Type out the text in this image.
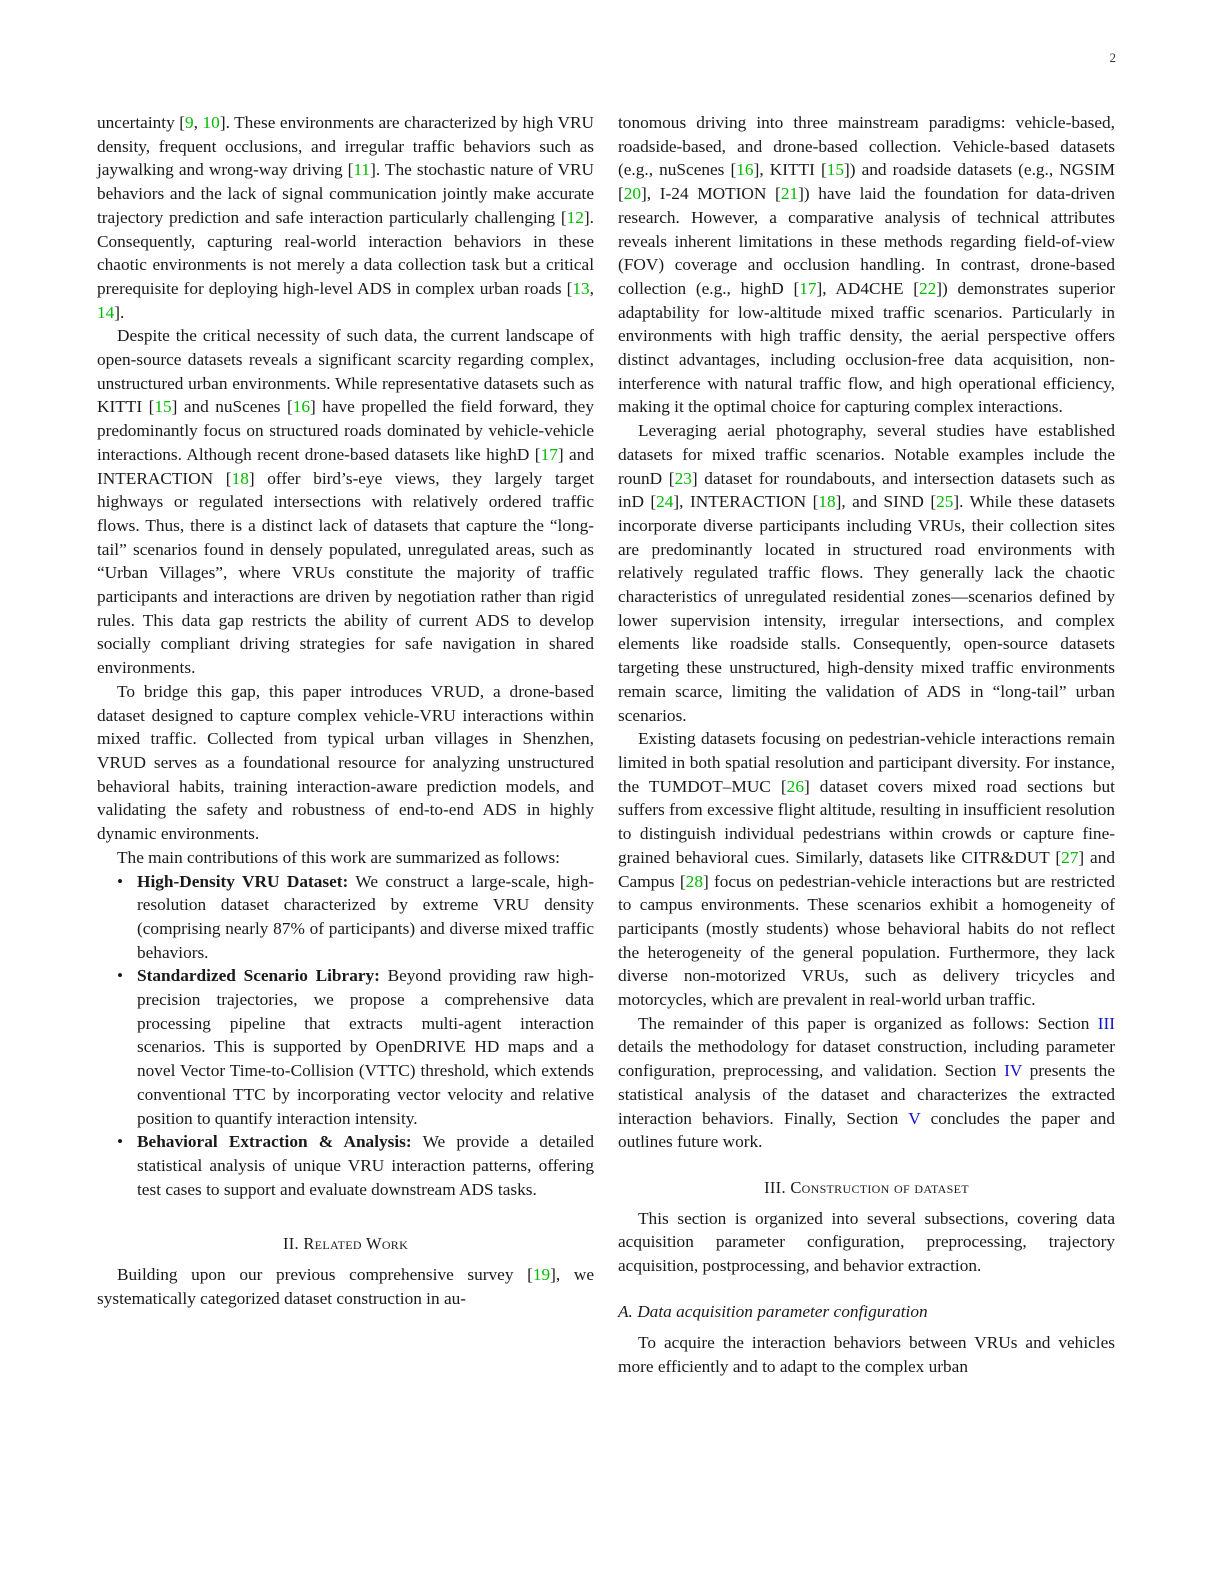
2

uncertainty [9, 10]. These environments are characterized by high VRU density, frequent occlusions, and irregular traffic behaviors such as jaywalking and wrong-way driving [11]. The stochastic nature of VRU behaviors and the lack of signal communication jointly make accurate trajectory prediction and safe interaction particularly challenging [12]. Consequently, capturing real-world interaction behaviors in these chaotic environments is not merely a data collection task but a critical prerequisite for deploying high-level ADS in complex urban roads [13, 14].

Despite the critical necessity of such data, the current landscape of open-source datasets reveals a significant scarcity regarding complex, unstructured urban environments. While representative datasets such as KITTI [15] and nuScenes [16] have propelled the field forward, they predominantly focus on structured roads dominated by vehicle-vehicle interactions. Although recent drone-based datasets like highD [17] and INTERACTION [18] offer bird’s-eye views, they largely target highways or regulated intersections with relatively ordered traffic flows. Thus, there is a distinct lack of datasets that capture the “long-tail” scenarios found in densely populated, unregulated areas, such as “Urban Villages”, where VRUs constitute the majority of traffic participants and interactions are driven by negotiation rather than rigid rules. This data gap restricts the ability of current ADS to develop socially compliant driving strategies for safe navigation in shared environments.

To bridge this gap, this paper introduces VRUD, a drone-based dataset designed to capture complex vehicle-VRU interactions within mixed traffic. Collected from typical urban villages in Shenzhen, VRUD serves as a foundational resource for analyzing unstructured behavioral habits, training interaction-aware prediction models, and validating the safety and robustness of end-to-end ADS in highly dynamic environments.

The main contributions of this work are summarized as follows:

• High-Density VRU Dataset: We construct a large-scale, high-resolution dataset characterized by extreme VRU density (comprising nearly 87% of participants) and diverse mixed traffic behaviors.
• Standardized Scenario Library: Beyond providing raw high-precision trajectories, we propose a comprehensive data processing pipeline that extracts multi-agent interaction scenarios. This is supported by OpenDRIVE HD maps and a novel Vector Time-to-Collision (VTTC) threshold, which extends conventional TTC by incorporating vector velocity and relative position to quantify interaction intensity.
• Behavioral Extraction & Analysis: We provide a detailed statistical analysis of unique VRU interaction patterns, offering test cases to support and evaluate downstream ADS tasks.
II. Related Work

Building upon our previous comprehensive survey [19], we systematically categorized dataset construction in au-

tonomous driving into three mainstream paradigms: vehicle-based, roadside-based, and drone-based collection. Vehicle-based datasets (e.g., nuScenes [16], KITTI [15]) and roadside datasets (e.g., NGSIM [20], I-24 MOTION [21]) have laid the foundation for data-driven research. However, a comparative analysis of technical attributes reveals inherent limitations in these methods regarding field-of-view (FOV) coverage and occlusion handling. In contrast, drone-based collection (e.g., highD [17], AD4CHE [22]) demonstrates superior adaptability for low-altitude mixed traffic scenarios. Particularly in environments with high traffic density, the aerial perspective offers distinct advantages, including occlusion-free data acquisition, non-interference with natural traffic flow, and high operational efficiency, making it the optimal choice for capturing complex interactions.

Leveraging aerial photography, several studies have established datasets for mixed traffic scenarios. Notable examples include the rounD [23] dataset for roundabouts, and intersection datasets such as inD [24], INTERACTION [18], and SIND [25]. While these datasets incorporate diverse participants including VRUs, their collection sites are predominantly located in structured road environments with relatively regulated traffic flows. They generally lack the chaotic characteristics of unregulated residential zones—scenarios defined by lower supervision intensity, irregular intersections, and complex elements like roadside stalls. Consequently, open-source datasets targeting these unstructured, high-density mixed traffic environments remain scarce, limiting the validation of ADS in “long-tail” urban scenarios.

Existing datasets focusing on pedestrian-vehicle interactions remain limited in both spatial resolution and participant diversity. For instance, the TUMDOT–MUC [26] dataset covers mixed road sections but suffers from excessive flight altitude, resulting in insufficient resolution to distinguish individual pedestrians within crowds or capture fine-grained behavioral cues. Similarly, datasets like CITR&DUT [27] and Campus [28] focus on pedestrian-vehicle interactions but are restricted to campus environments. These scenarios exhibit a homogeneity of participants (mostly students) whose behavioral habits do not reflect the heterogeneity of the general population. Furthermore, they lack diverse non-motorized VRUs, such as delivery tricycles and motorcycles, which are prevalent in real-world urban traffic.

The remainder of this paper is organized as follows: Section III details the methodology for dataset construction, including parameter configuration, preprocessing, and validation. Section IV presents the statistical analysis of the dataset and characterizes the extracted interaction behaviors. Finally, Section V concludes the paper and outlines future work.

III. Construction of dataset

This section is organized into several subsections, covering data acquisition parameter configuration, preprocessing, trajectory acquisition, postprocessing, and behavior extraction.

A. Data acquisition parameter configuration

To acquire the interaction behaviors between VRUs and vehicles more efficiently and to adapt to the complex urban
